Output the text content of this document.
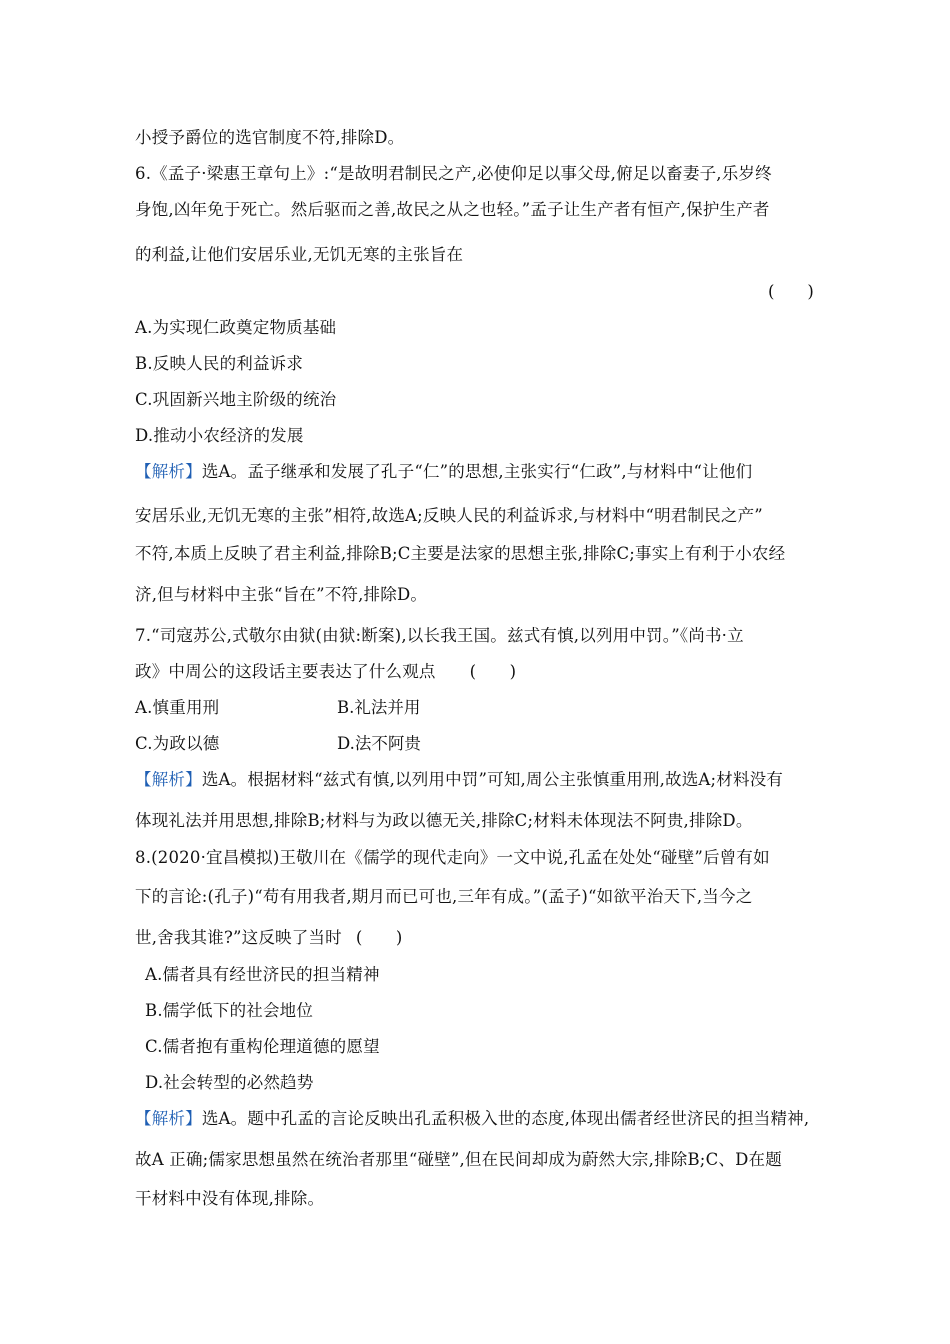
小授予爵位的选官制度不符,排除D。
6.《孟子·梁惠王章句上》:“是故明君制民之产,必使仰足以事父母,俯足以畜妻子,乐岁终
身饱,凶年免于死亡。然后驱而之善,故民之从之也轻。”孟子让生产者有恒产,保护生产者
的利益,让他们安居乐业,无饥无寒的主张旨在
(　　)
A.为实现仁政奠定物质基础
B.反映人民的利益诉求
C.巩固新兴地主阶级的统治
D.推动小农经济的发展
【解析】选A。孟子继承和发展了孔子“仁”的思想,主张实行“仁政”,与材料中“让他们
安居乐业,无饥无寒的主张”相符,故选A;反映人民的利益诉求,与材料中“明君制民之产”
不符,本质上反映了君主利益,排除B;C主要是法家的思想主张,排除C;事实上有利于小农经
济,但与材料中主张“旨在”不符,排除D。
7.“司寇苏公,式敬尔由狱(由狱:断案),以长我王国。兹式有慎,以列用中罚。”《尚书·立
政》中周公的这段话主要表达了什么观点 (　　)
A.慎重用刑	B.礼法并用
C.为政以德	D.法不阿贵
【解析】选A。根据材料“兹式有慎,以列用中罚”可知,周公主张慎重用刑,故选A;材料没有
体现礼法并用思想,排除B;材料与为政以德无关,排除C;材料未体现法不阿贵,排除D。
8.(2020·宜昌模拟)王敬川在《儒学的现代走向》一文中说,孔孟在处处“碰壁”后曾有如
下的言论:(孔子)“苟有用我者,期月而已可也,三年有成。”(孟子)“如欲平治天下,当今之
世,舍我其谁?”这反映了当时 (　　)
A.儒者具有经世济民的担当精神
B.儒学低下的社会地位
C.儒者抱有重构伦理道德的愿望
D.社会转型的必然趋势
【解析】选A。题中孔孟的言论反映出孔孟积极入世的态度,体现出儒者经世济民的担当精神,
故A 正确;儒家思想虽然在统治者那里“碰壁”,但在民间却成为蔚然大宗,排除B;C、D在题
干材料中没有体现,排除。
